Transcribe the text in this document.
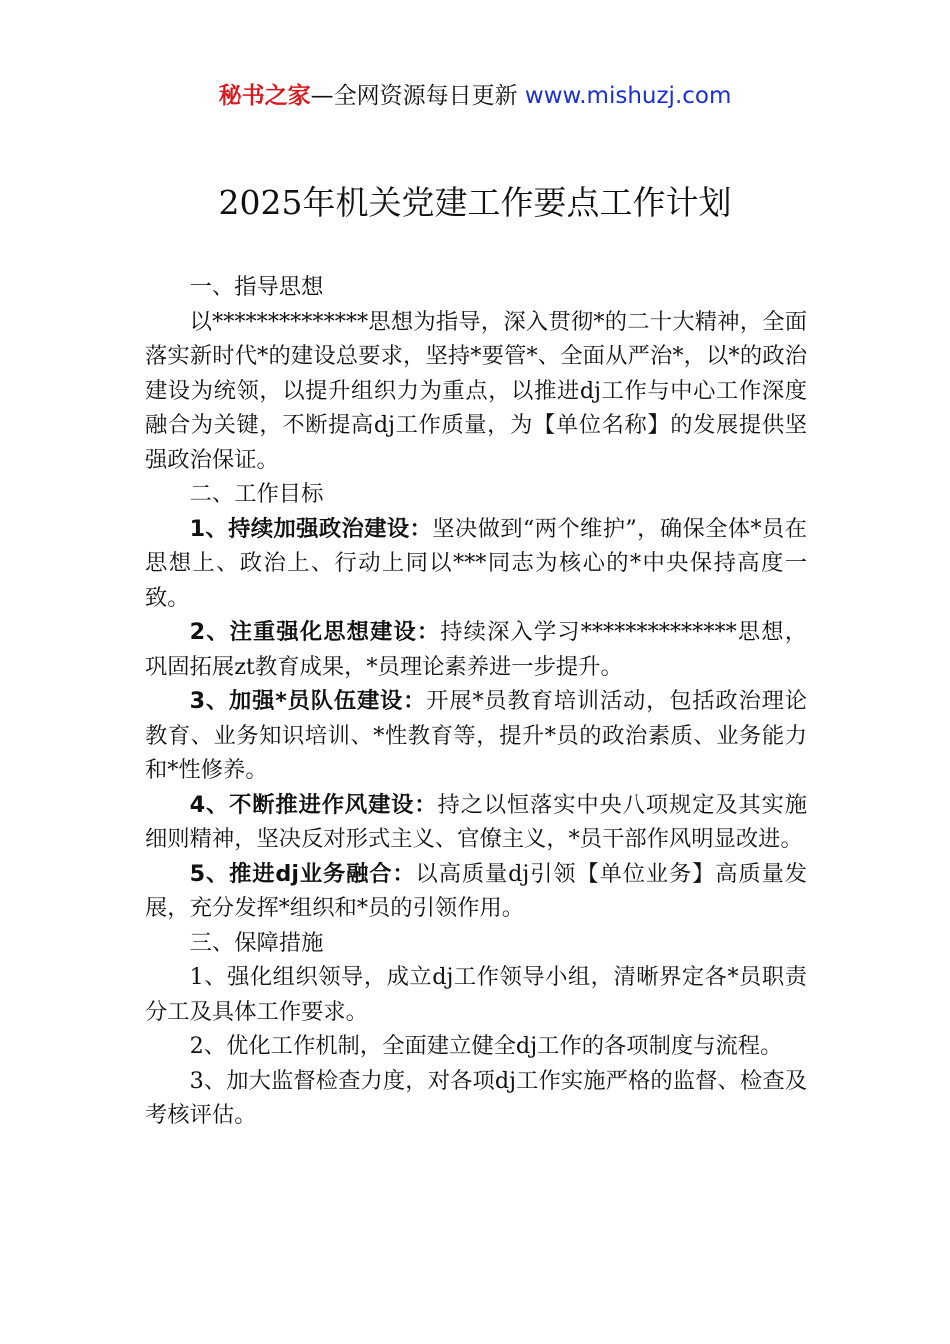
秘书之家—全网资源每日更新 www.mishuzj.com
2025年机关党建工作要点工作计划

一、指导思想

以**************思想为指导，深入贯彻*的二十大精神，全面落实新时代*的建设总要求，坚持*要管*、全面从严治*，以*的政治建设为统领，以提升组织力为重点，以推进dj工作与中心工作深度融合为关键，不断提高dj工作质量，为【单位名称】的发展提供坚强政治保证。

二、工作目标

1、持续加强政治建设：坚决做到“两个维护”，确保全体*员在思想上、政治上、行动上同以***同志为核心的*中央保持高度一致。

2、注重强化思想建设：持续深入学习**************思想，巩固拓展zt教育成果，*员理论素养进一步提升。

3、加强*员队伍建设：开展*员教育培训活动，包括政治理论教育、业务知识培训、*性教育等，提升*员的政治素质、业务能力和*性修养。

4、不断推进作风建设：持之以恒落实中央八项规定及其实施细则精神，坚决反对形式主义、官僚主义，*员干部作风明显改进。

5、推进dj业务融合：以高质量dj引领【单位业务】高质量发展，充分发挥*组织和*员的引领作用。

三、保障措施

1、强化组织领导，成立dj工作领导小组，清晰界定各*员职责分工及具体工作要求。

2、优化工作机制，全面建立健全dj工作的各项制度与流程。

3、加大监督检查力度，对各项dj工作实施严格的监督、检查及考核评估。
